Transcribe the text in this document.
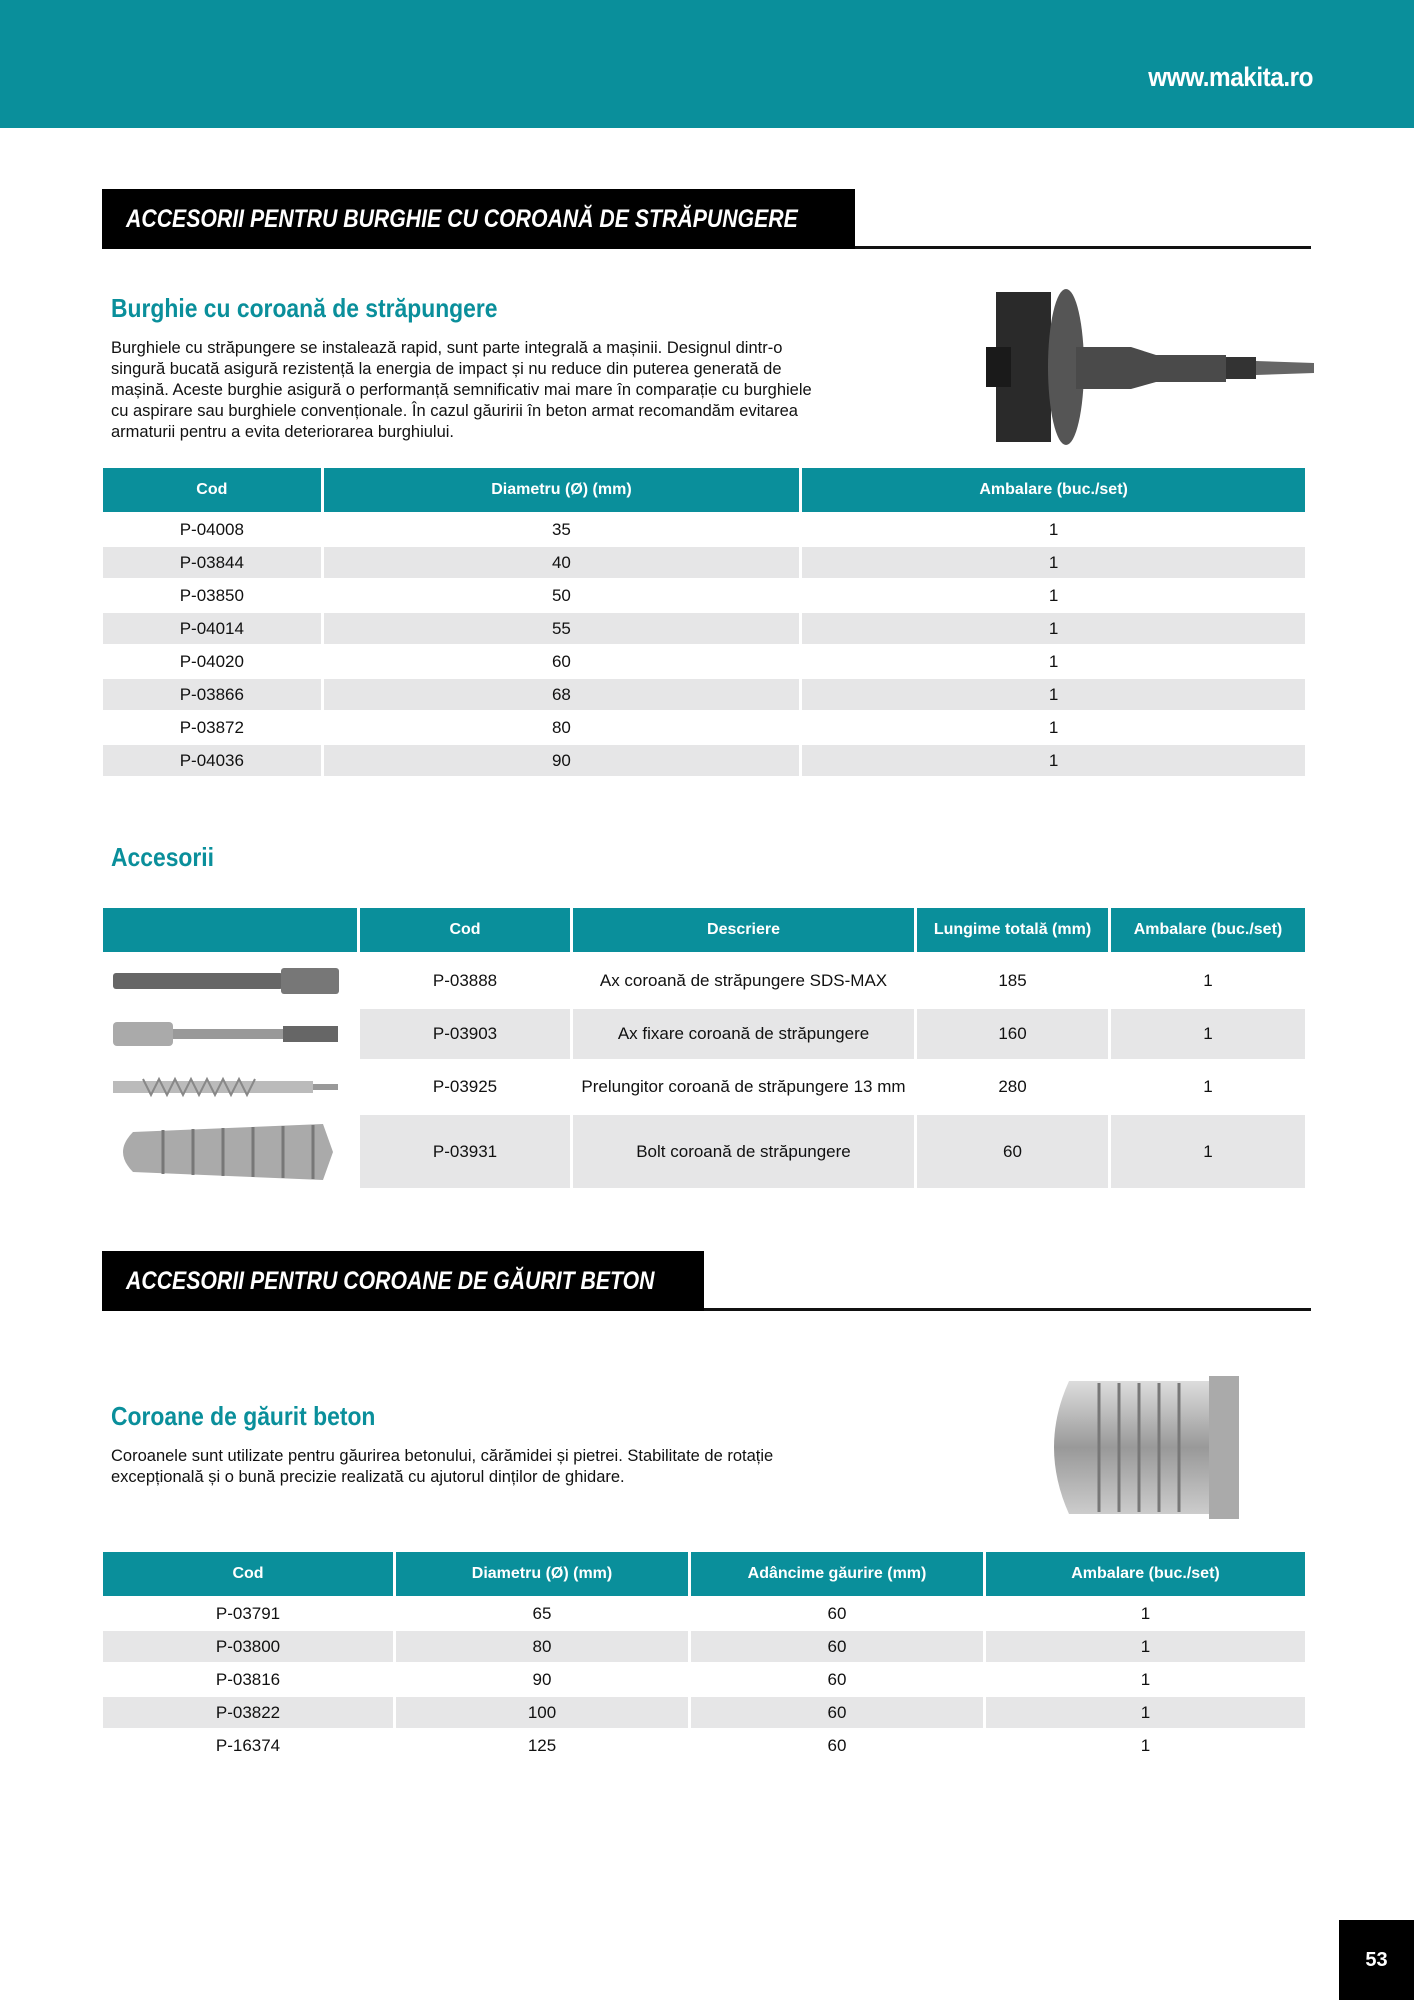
www.makita.ro
ACCESORII PENTRU BURGHIE CU COROANĂ DE STRĂPUNGERE
Burghie cu coroană de străpungere
Burghiele cu străpungere se instalează rapid, sunt parte integrală a mașinii. Designul dintr-o
singură bucată asigură rezistență la energia de impact și nu reduce din puterea generată de
mașină. Aceste burghie asigură o performanță semnificativ mai mare în comparație cu burghiele
cu aspirare sau burghiele convenționale. În cazul găuririi în beton armat recomandăm evitarea
armaturii pentru a evita deteriorarea burghiului.
Cod	Diametru (Ø) (mm)	Ambalare (buc./set)
P-04008	35	1
P-03844	40	1
P-03850	50	1
P-04014	55	1
P-04020	60	1
P-03866	68	1
P-03872	80	1
P-04036	90	1
Accesorii
	Cod	Descriere	Lungime totală (mm)	Ambalare (buc./set)

	P-03888	Ax coroană de străpungere SDS-MAX	185	1

	P-03903	Ax fixare coroană de străpungere	160	1

	P-03925	Prelungitor coroană de străpungere 13 mm	280	1

	P-03931	Bolt coroană de străpungere	60	1
ACCESORII PENTRU COROANE DE GĂURIT BETON
Coroane de găurit beton
Coroanele sunt utilizate pentru găurirea betonului, cărămidei și pietrei. Stabilitate de rotație
excepțională și o bună precizie realizată cu ajutorul dinților de ghidare.
Cod	Diametru (Ø) (mm)	Adâncime găurire (mm)	Ambalare (buc./set)
P-03791	65	60	1
P-03800	80	60	1
P-03816	90	60	1
P-03822	100	60	1
P-16374	125	60	1
53
